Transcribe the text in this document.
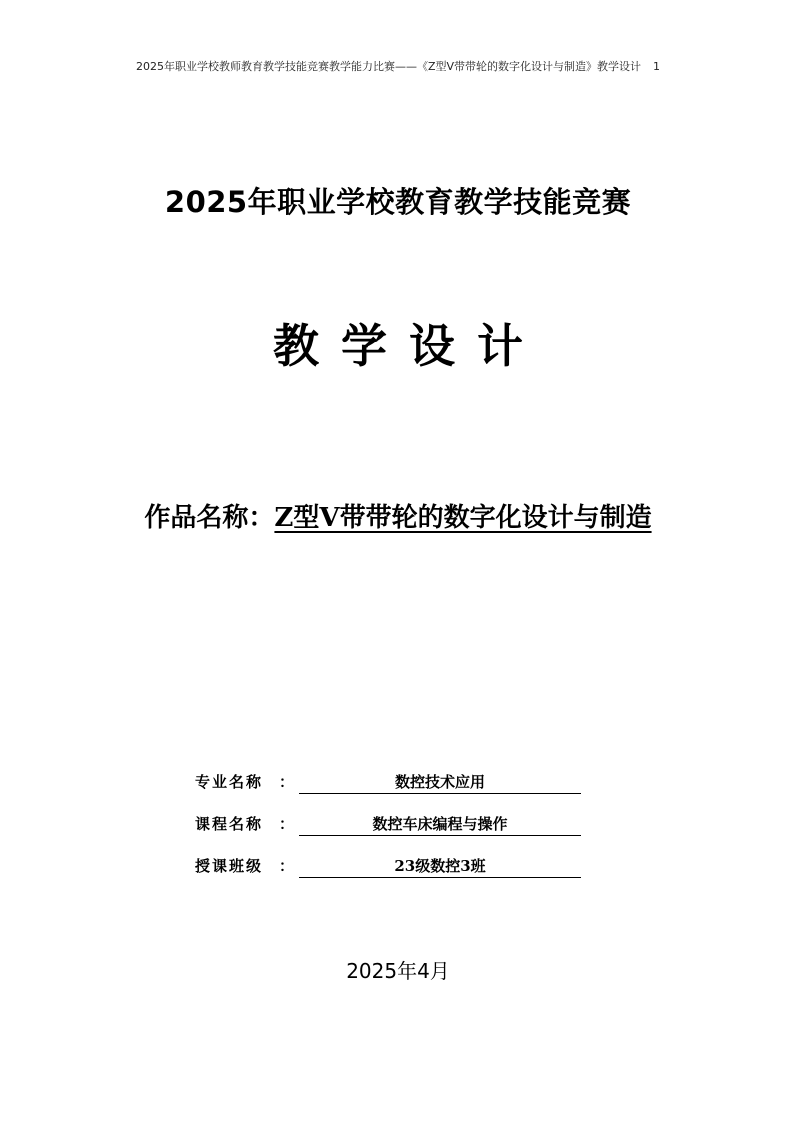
2025年职业学校教师教育教学技能竞赛教学能力比赛——《Z型V带带轮的数字化设计与制造》教学设计 1
2025年职业学校教育教学技能竞赛
教学设计
作品名称：Z型V带带轮的数字化设计与制造
专业名称	：	数控技术应用
课程名称	：	数控车床编程与操作
授课班级	：	23级数控3班
2025年4月
